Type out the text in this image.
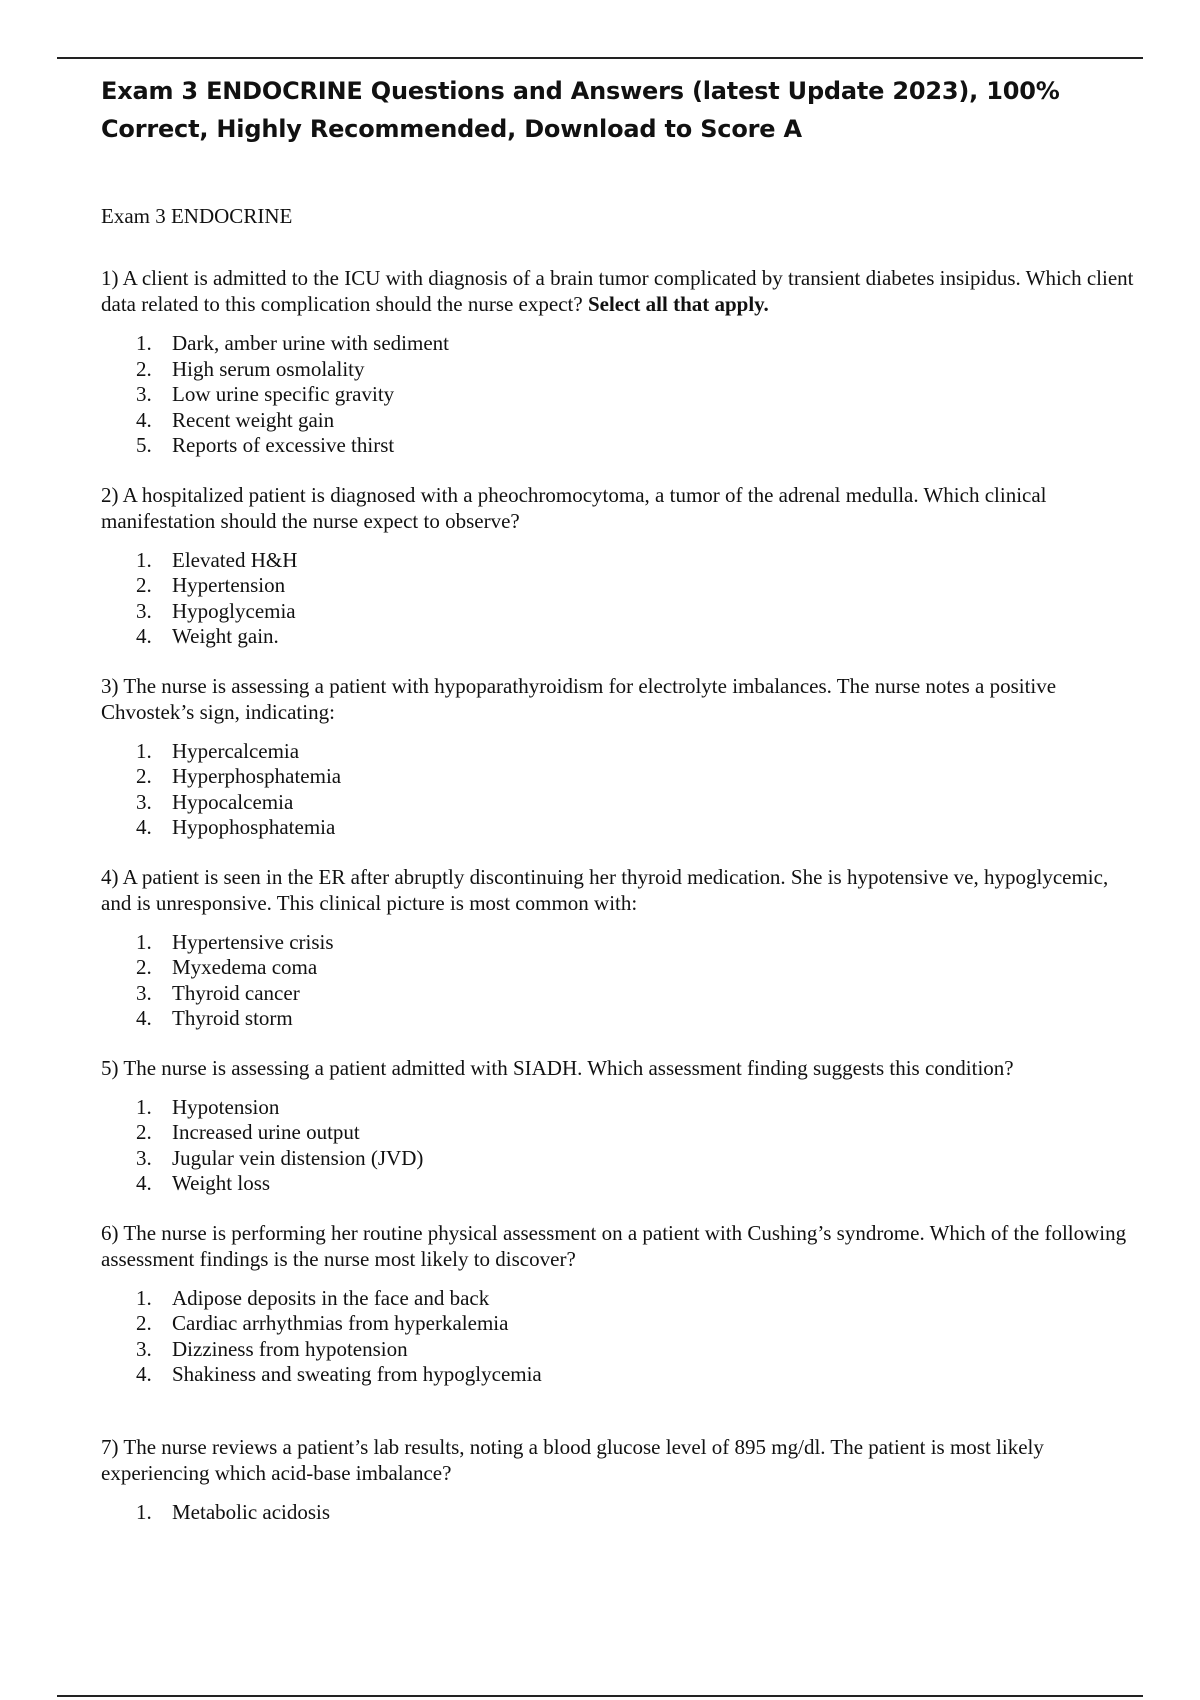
Exam 3 ENDOCRINE Questions and Answers (latest Update 2023), 100% Correct, Highly Recommended, Download to Score A

Exam 3 ENDOCRINE

1) A client is admitted to the ICU with diagnosis of a brain tumor complicated by transient diabetes insipidus. Which client data related to this complication should the nurse expect? Select all that apply.

1. Dark, amber urine with sediment
2. High serum osmolality
3. Low urine specific gravity
4. Recent weight gain
5. Reports of excessive thirst

2) A hospitalized patient is diagnosed with a pheochromocytoma, a tumor of the adrenal medulla. Which clinical manifestation should the nurse expect to observe?

1. Elevated H&H
2. Hypertension
3. Hypoglycemia
4. Weight gain.

3) The nurse is assessing a patient with hypoparathyroidism for electrolyte imbalances. The nurse notes a positive Chvostek’s sign, indicating:

1. Hypercalcemia
2. Hyperphosphatemia
3. Hypocalcemia
4. Hypophosphatemia

4) A patient is seen in the ER after abruptly discontinuing her thyroid medication. She is hypotensive ve, hypoglycemic, and is unresponsive. This clinical picture is most common with:

1. Hypertensive crisis
2. Myxedema coma
3. Thyroid cancer
4. Thyroid storm

5) The nurse is assessing a patient admitted with SIADH. Which assessment finding suggests this condition?

1. Hypotension
2. Increased urine output
3. Jugular vein distension (JVD)
4. Weight loss

6) The nurse is performing her routine physical assessment on a patient with Cushing’s syndrome. Which of the following assessment findings is the nurse most likely to discover?

1. Adipose deposits in the face and back
2. Cardiac arrhythmias from hyperkalemia
3. Dizziness from hypotension
4. Shakiness and sweating from hypoglycemia

7) The nurse reviews a patient’s lab results, noting a blood glucose level of 895 mg/dl. The patient is most likely experiencing which acid-base imbalance?

1. Metabolic acidosis
